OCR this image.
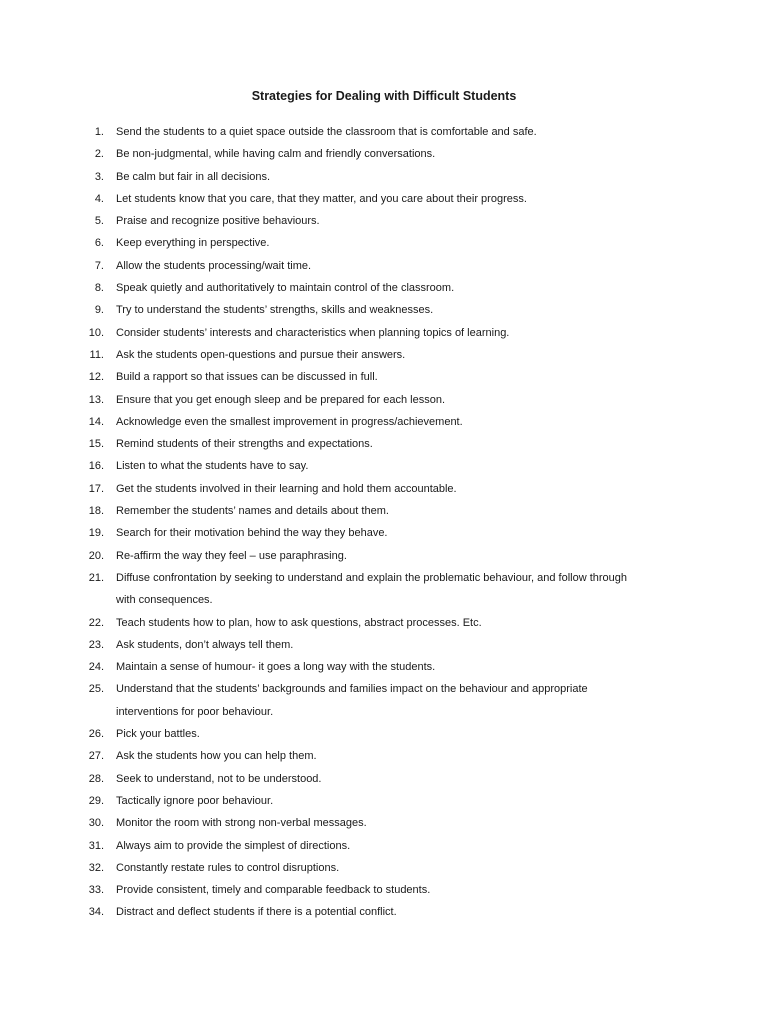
Strategies for Dealing with Difficult Students
1. Send the students to a quiet space outside the classroom that is comfortable and safe.
2. Be non-judgmental, while having calm and friendly conversations.
3. Be calm but fair in all decisions.
4. Let students know that you care, that they matter, and you care about their progress.
5. Praise and recognize positive behaviours.
6. Keep everything in perspective.
7. Allow the students processing/wait time.
8. Speak quietly and authoritatively to maintain control of the classroom.
9. Try to understand the students’ strengths, skills and weaknesses.
10. Consider students’ interests and characteristics when planning topics of learning.
11. Ask the students open-questions and pursue their answers.
12. Build a rapport so that issues can be discussed in full.
13. Ensure that you get enough sleep and be prepared for each lesson.
14. Acknowledge even the smallest improvement in progress/achievement.
15. Remind students of their strengths and expectations.
16. Listen to what the students have to say.
17. Get the students involved in their learning and hold them accountable.
18. Remember the students’ names and details about them.
19. Search for their motivation behind the way they behave.
20. Re-affirm the way they feel – use paraphrasing.
21. Diffuse confrontation by seeking to understand and explain the problematic behaviour, and follow through with consequences.
22. Teach students how to plan, how to ask questions, abstract processes. Etc.
23. Ask students, don’t always tell them.
24. Maintain a sense of humour- it goes a long way with the students.
25. Understand that the students’ backgrounds and families impact on the behaviour and appropriate interventions for poor behaviour.
26. Pick your battles.
27. Ask the students how you can help them.
28. Seek to understand, not to be understood.
29. Tactically ignore poor behaviour.
30. Monitor the room with strong non-verbal messages.
31. Always aim to provide the simplest of directions.
32. Constantly restate rules to control disruptions.
33. Provide consistent, timely and comparable feedback to students.
34. Distract and deflect students if there is a potential conflict.
